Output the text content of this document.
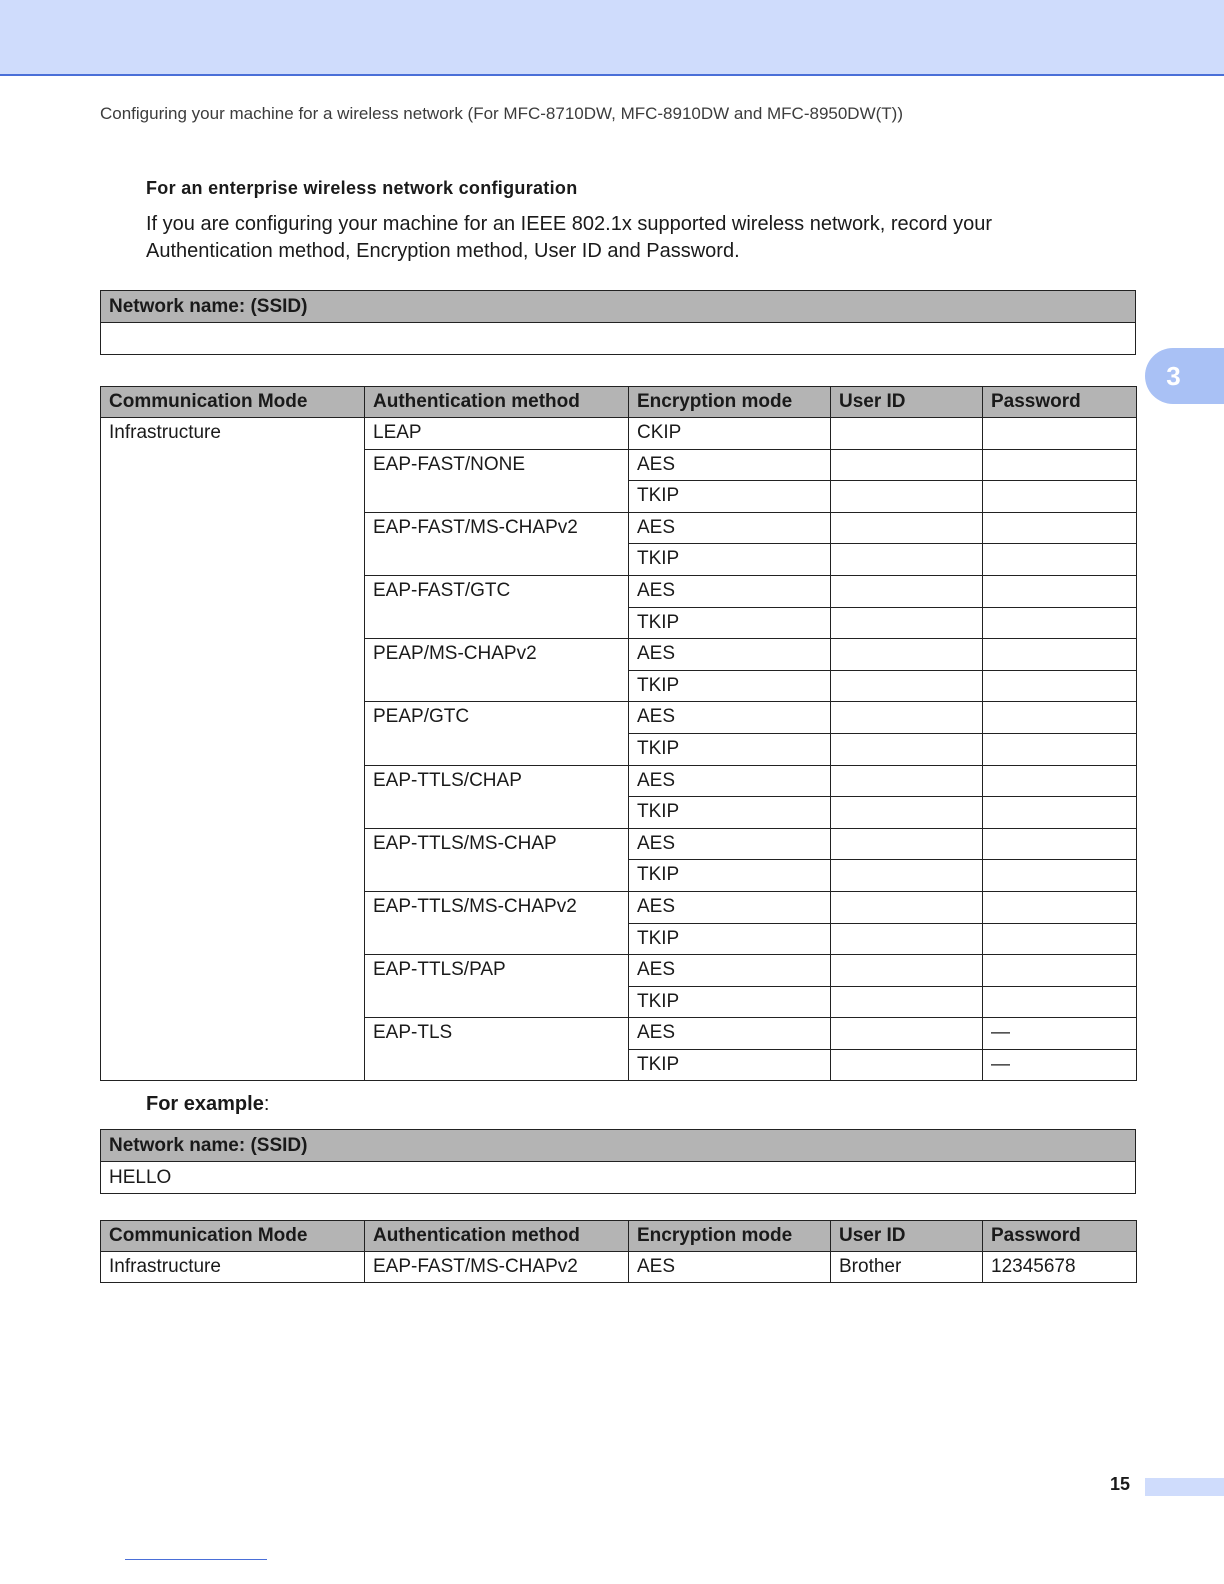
Configuring your machine for a wireless network (For MFC-8710DW, MFC-8910DW and MFC-8950DW(T))
3
For an enterprise wireless network configuration
If you are configuring your machine for an IEEE 802.1x supported wireless network, record your Authentication method, Encryption method, User ID and Password.
Network name: (SSID)

Communication Mode	Authentication method	Encryption mode	User ID	Password
Infrastructure	LEAP	CKIP		
	EAP-FAST/NONE	AES		
		TKIP		
	EAP-FAST/MS-CHAPv2	AES		
		TKIP		
	EAP-FAST/GTC	AES		
		TKIP		
	PEAP/MS-CHAPv2	AES		
		TKIP		
	PEAP/GTC	AES		
		TKIP		
	EAP-TTLS/CHAP	AES		
		TKIP		
	EAP-TTLS/MS-CHAP	AES		
		TKIP		
	EAP-TTLS/MS-CHAPv2	AES		
		TKIP		
	EAP-TTLS/PAP	AES		
		TKIP		
	EAP-TLS	AES		—
		TKIP		—
For example:
Network name: (SSID)
HELLO
Communication Mode	Authentication method	Encryption mode	User ID	Password
Infrastructure	EAP-FAST/MS-CHAPv2	AES	Brother	12345678
15
